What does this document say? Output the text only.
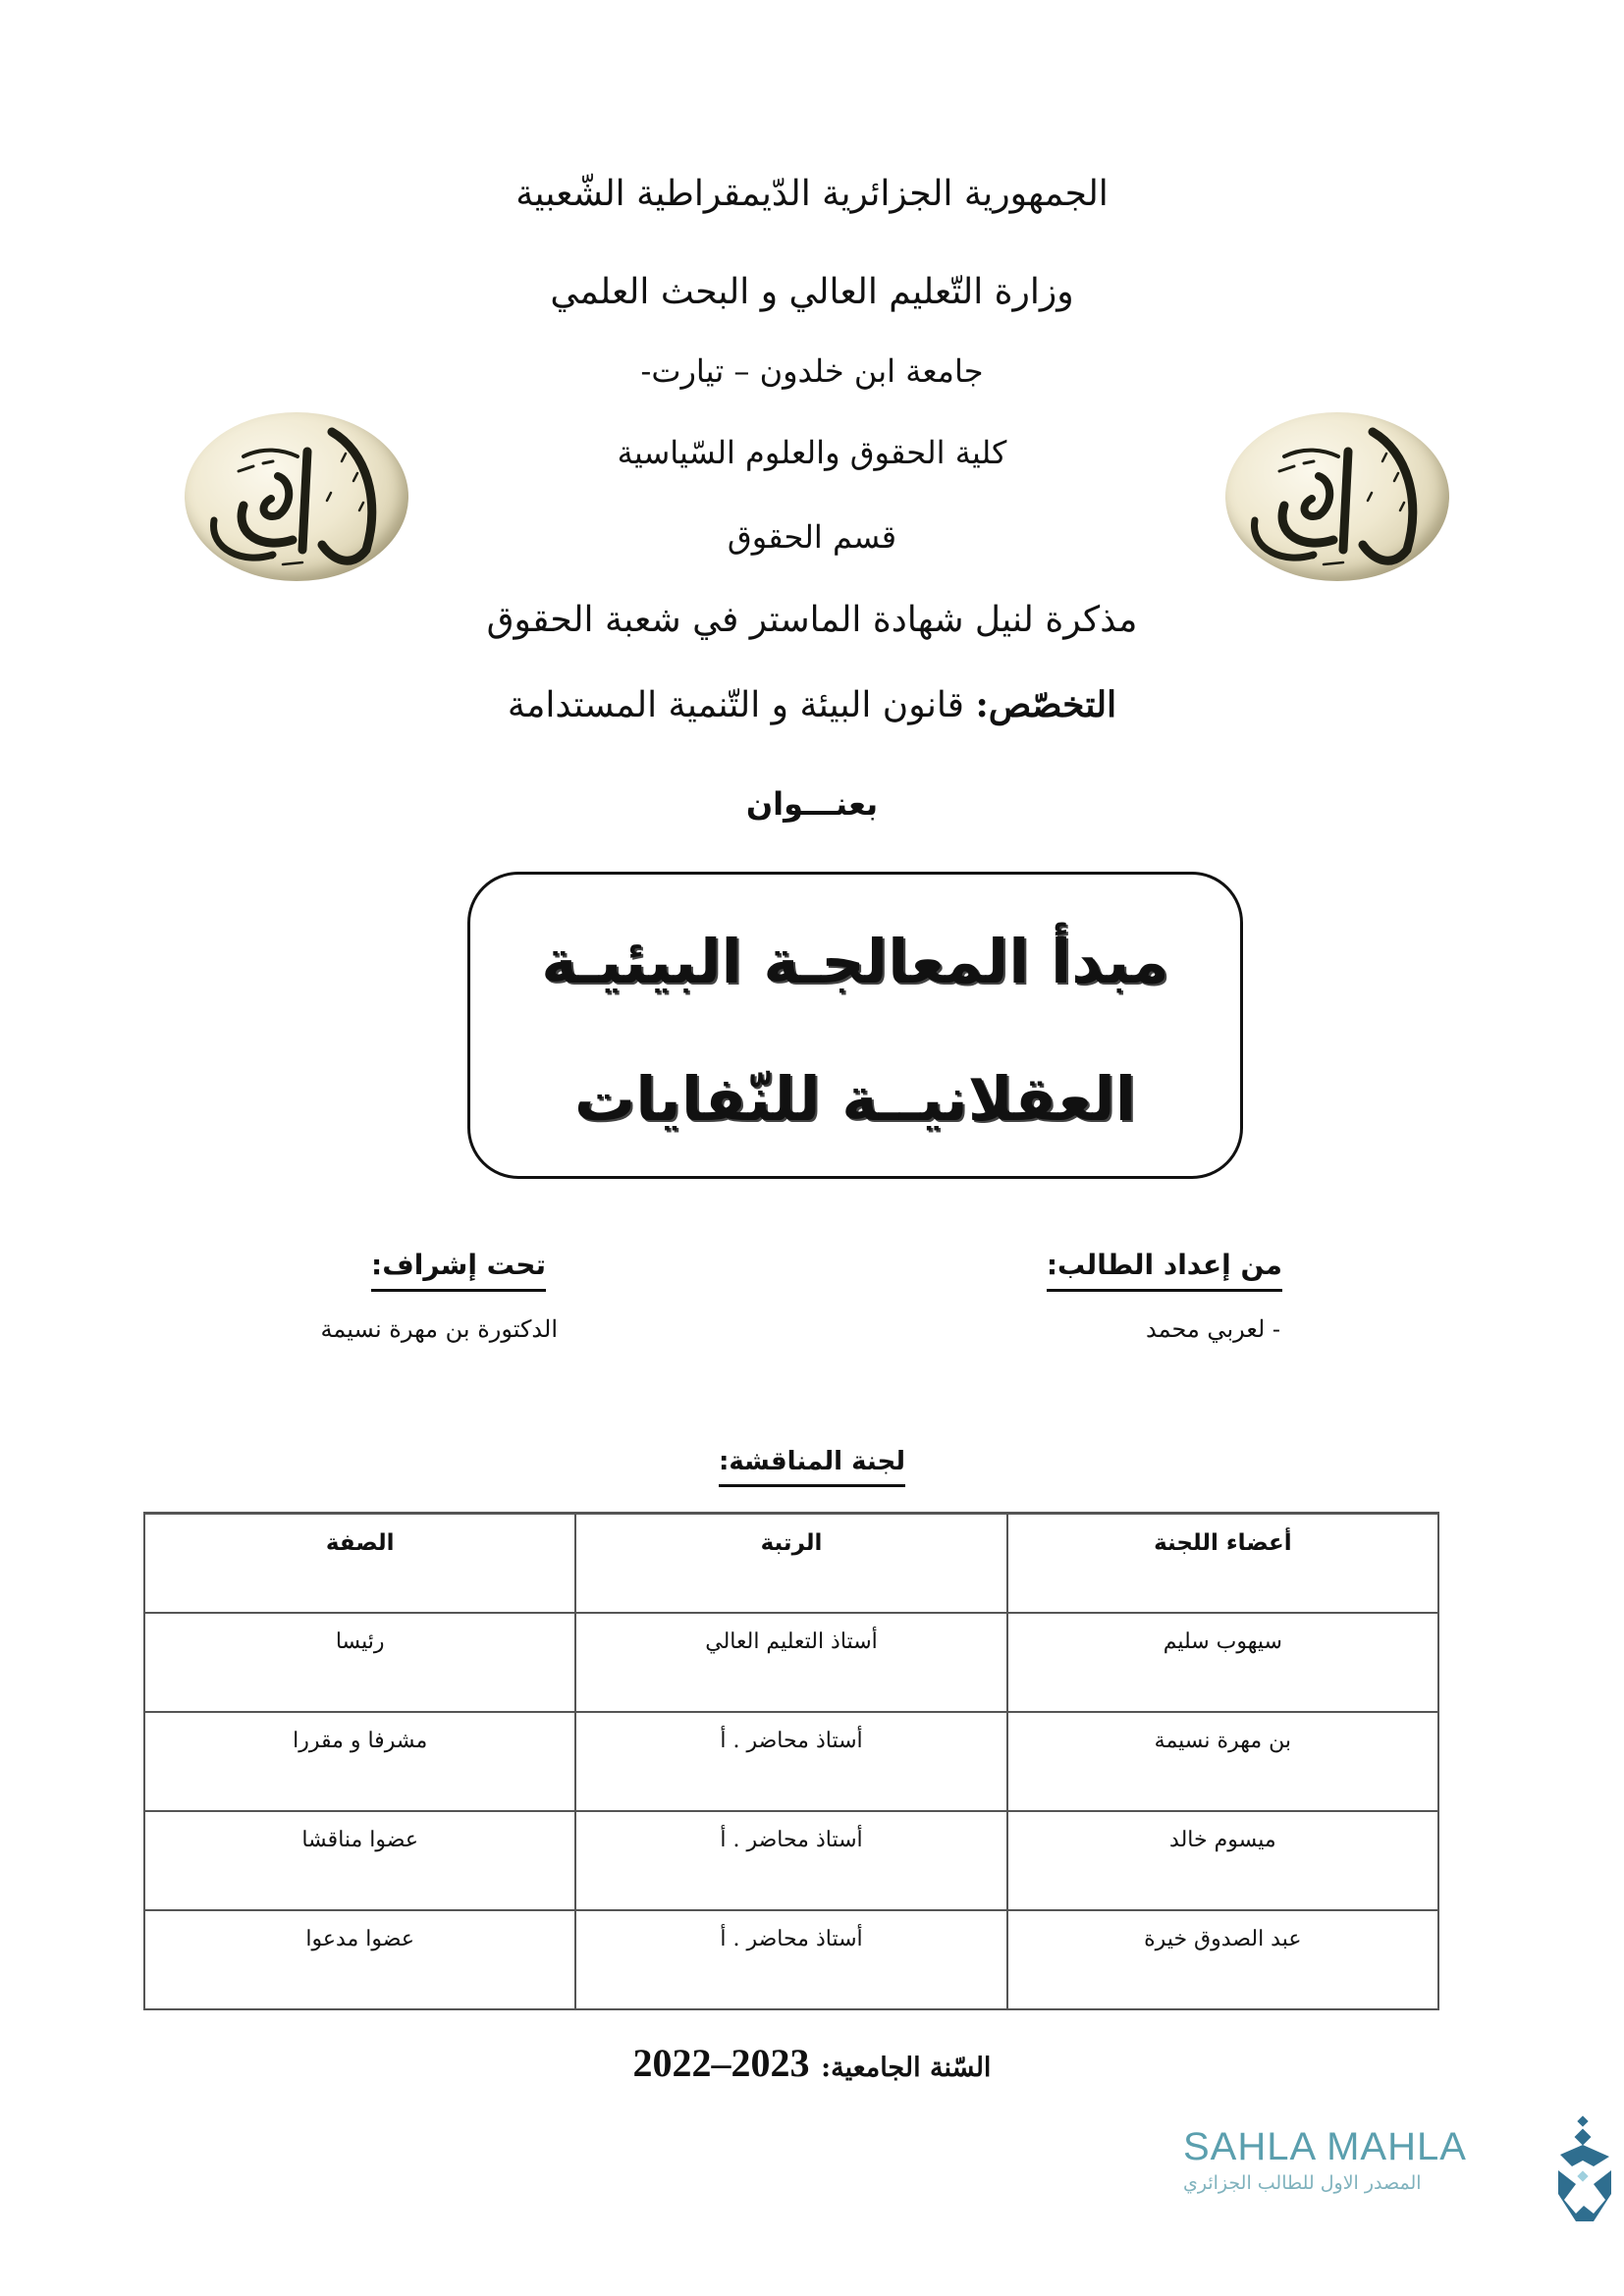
الجمهورية الجزائرية الدّيمقراطية الشّعبية
وزارة التّعليم العالي و البحث العلمي
جامعة ابن خلدون – تيارت-
كلية الحقوق والعلوم السّياسية
قسم الحقوق
مذكرة لنيل شهادة الماستر في شعبة الحقوق
التخصّص: قانون البيئة و التّنمية المستدامة
بعنـــوان
مبدأ المعالجـة البيئيـة
العقلانيــة للنّفايات
من إعداد الطالب:
- لعربي محمد
تحت إشراف:
الدكتورة بن مهرة نسيمة
لجنة المناقشة:
أعضاء اللجنة	الرتبة	الصفة
سيهوب سليم	أستاذ التعليم العالي	رئيسا
بن مهرة نسيمة	أستاذ محاضر . أ	مشرفا و مقررا
ميسوم خالد	أستاذ محاضر . أ	عضوا مناقشا
عبد الصدوق خيرة	أستاذ محاضر . أ	عضوا مدعوا
السّنة الجامعية: 2022–2023
SAHLA MAHLA
المصدر الاول للطالب الجزائري
